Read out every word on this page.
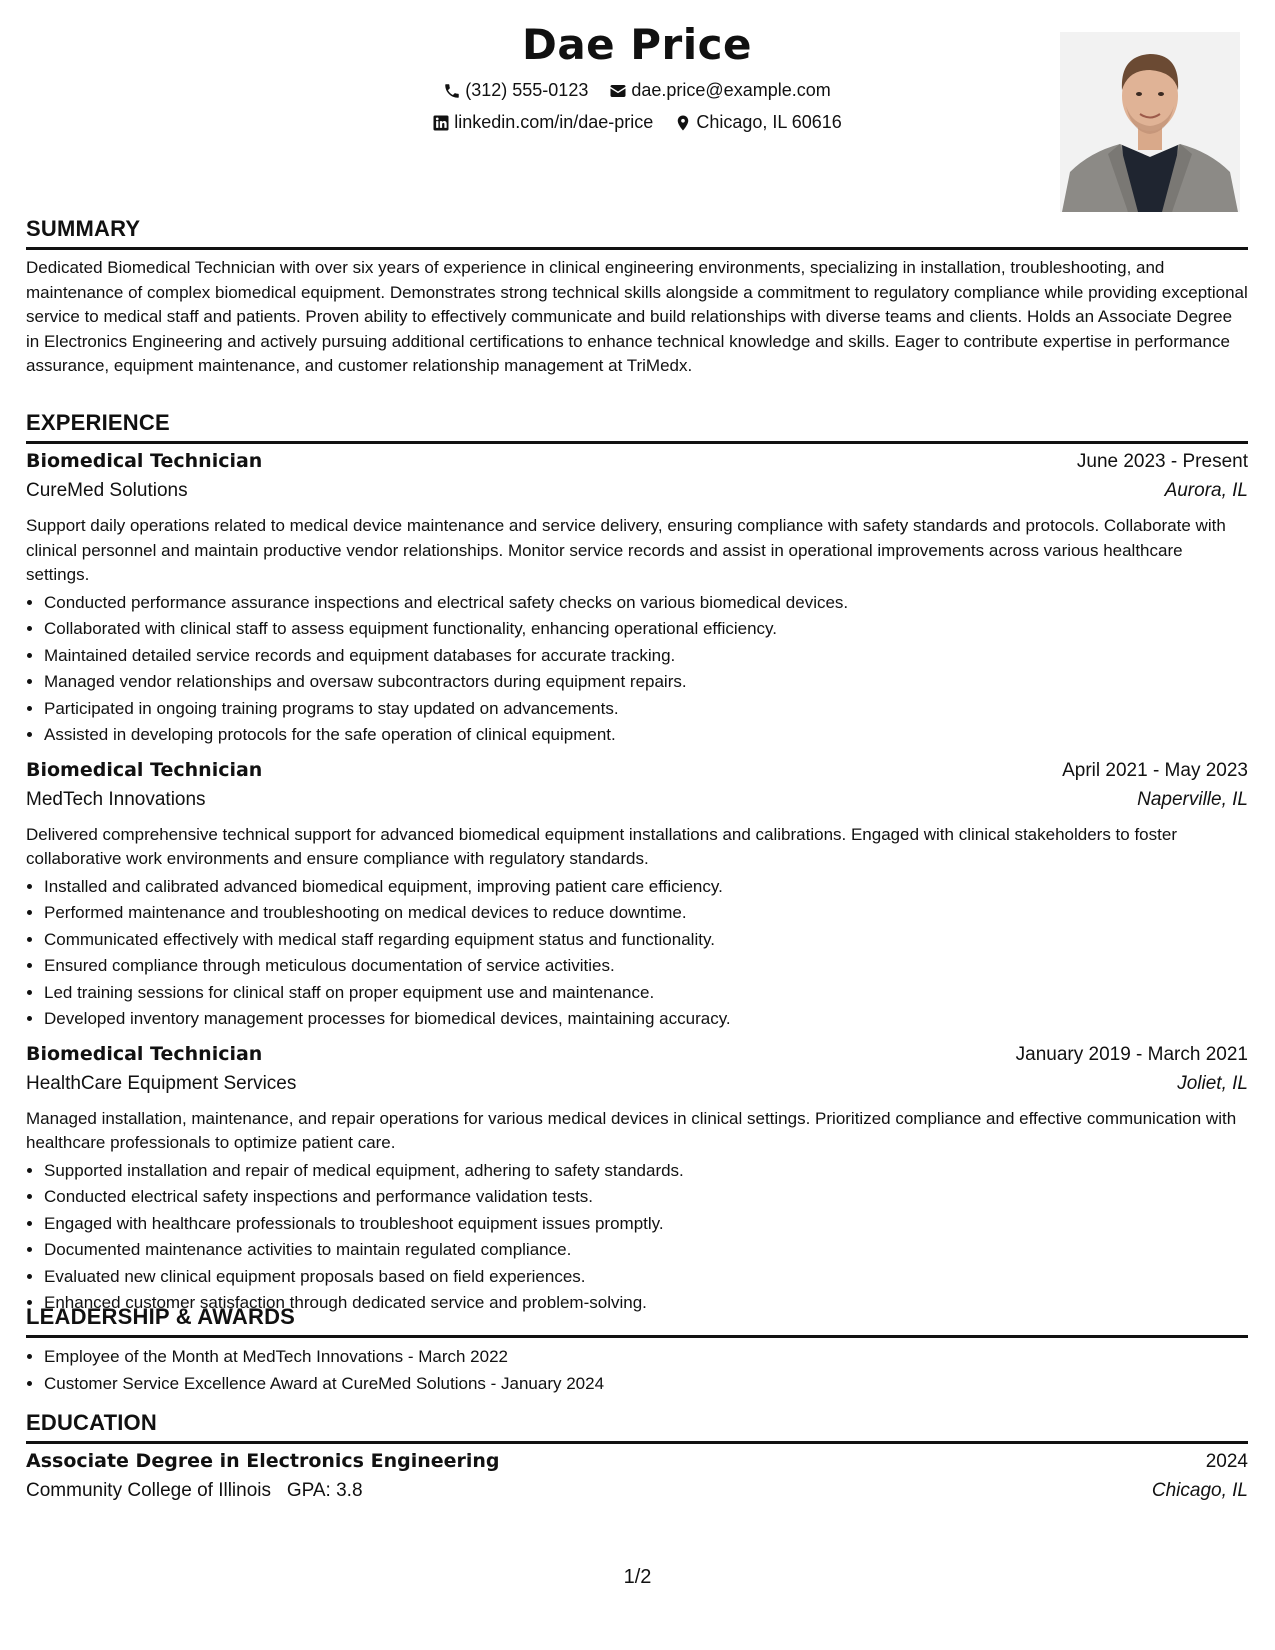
Dae Price
(312) 555-0123
dae.price@example.com
linkedin.com/in/dae-price
Chicago, IL 60616
SUMMARY

Dedicated Biomedical Technician with over six years of experience in clinical engineering environments, specializing in installation, troubleshooting, and maintenance of complex biomedical equipment. Demonstrates strong technical skills alongside a commitment to regulatory compliance while providing exceptional service to medical staff and patients. Proven ability to effectively communicate and build relationships with diverse teams and clients. Holds an Associate Degree in Electronics Engineering and actively pursuing additional certifications to enhance technical knowledge and skills. Eager to contribute expertise in performance assurance, equipment maintenance, and customer relationship management at TriMedx.

EXPERIENCE
Biomedical Technician	June 2023 - Present
CureMed Solutions	Aurora, IL

Support daily operations related to medical device maintenance and service delivery, ensuring compliance with safety standards and protocols. Collaborate with clinical personnel and maintain productive vendor relationships. Monitor service records and assist in operational improvements across various healthcare settings.

• Conducted performance assurance inspections and electrical safety checks on various biomedical devices.
• Collaborated with clinical staff to assess equipment functionality, enhancing operational efficiency.
• Maintained detailed service records and equipment databases for accurate tracking.
• Managed vendor relationships and oversaw subcontractors during equipment repairs.
• Participated in ongoing training programs to stay updated on advancements.
• Assisted in developing protocols for the safe operation of clinical equipment.
Biomedical Technician	April 2021 - May 2023
MedTech Innovations	Naperville, IL

Delivered comprehensive technical support for advanced biomedical equipment installations and calibrations. Engaged with clinical stakeholders to foster collaborative work environments and ensure compliance with regulatory standards.

• Installed and calibrated advanced biomedical equipment, improving patient care efficiency.
• Performed maintenance and troubleshooting on medical devices to reduce downtime.
• Communicated effectively with medical staff regarding equipment status and functionality.
• Ensured compliance through meticulous documentation of service activities.
• Led training sessions for clinical staff on proper equipment use and maintenance.
• Developed inventory management processes for biomedical devices, maintaining accuracy.
Biomedical Technician	January 2019 - March 2021
HealthCare Equipment Services	Joliet, IL

Managed installation, maintenance, and repair operations for various medical devices in clinical settings. Prioritized compliance and effective communication with healthcare professionals to optimize patient care.

• Supported installation and repair of medical equipment, adhering to safety standards.
• Conducted electrical safety inspections and performance validation tests.
• Engaged with healthcare professionals to troubleshoot equipment issues promptly.
• Documented maintenance activities to maintain regulated compliance.
• Evaluated new clinical equipment proposals based on field experiences.
• Enhanced customer satisfaction through dedicated service and problem-solving.
LEADERSHIP & AWARDS
• Employee of the Month at MedTech Innovations - March 2022
• Customer Service Excellence Award at CureMed Solutions - January 2024
EDUCATION
Associate Degree in Electronics Engineering	2024
Community College of Illinois GPA: 3.8	Chicago, IL
1/2
